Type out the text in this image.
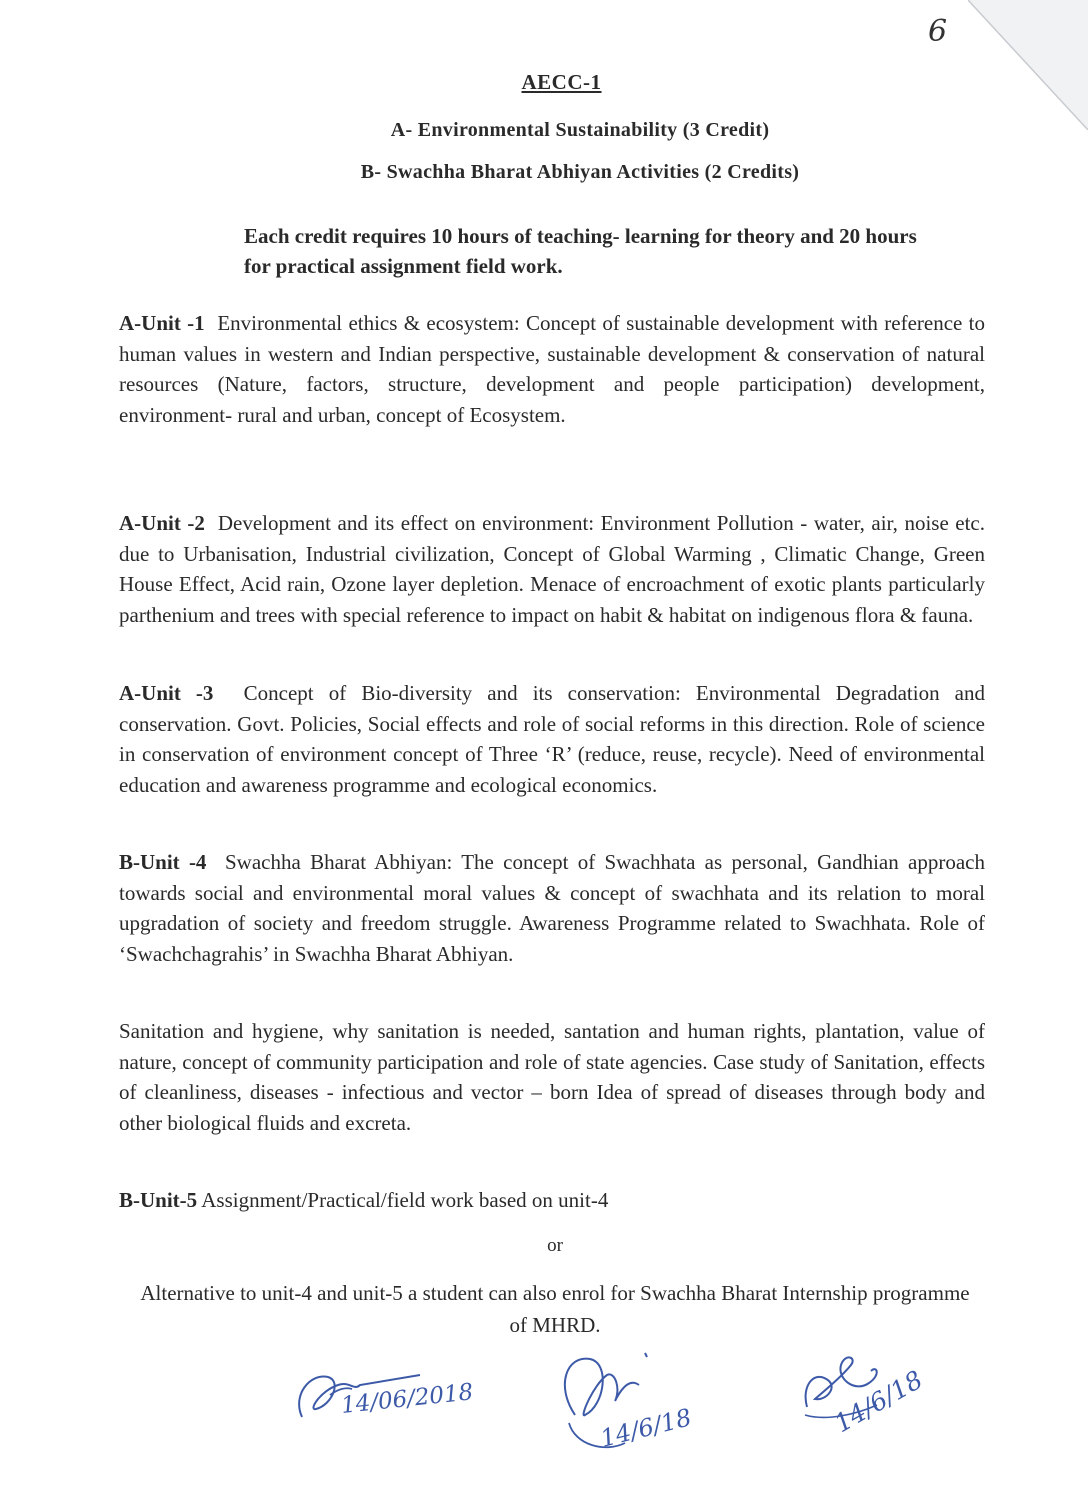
6
AECC-1
A- Environmental Sustainability (3 Credit)
B- Swachha Bharat Abhiyan Activities (2 Credits)
Each credit requires 10 hours of teaching- learning for theory and 20 hours for practical assignment field work.
A-Unit -1 Environmental ethics & ecosystem: Concept of sustainable development with reference to human values in western and Indian perspective, sustainable development & conservation of natural resources (Nature, factors, structure, development and people participation) development, environment- rural and urban, concept of Ecosystem.
A-Unit -2 Development and its effect on environment: Environment Pollution - water, air, noise etc. due to Urbanisation, Industrial civilization, Concept of Global Warming , Climatic Change, Green House Effect, Acid rain, Ozone layer depletion. Menace of encroachment of exotic plants particularly parthenium and trees with special reference to impact on habit & habitat on indigenous flora & fauna.
A-Unit -3 Concept of Bio-diversity and its conservation: Environmental Degradation and conservation. Govt. Policies, Social effects and role of social reforms in this direction. Role of science in conservation of environment concept of Three ‘R’ (reduce, reuse, recycle). Need of environmental education and awareness programme and ecological economics.
B-Unit -4 Swachha Bharat Abhiyan: The concept of Swachhata as personal, Gandhian approach towards social and environmental moral values & concept of swachhata and its relation to moral upgradation of society and freedom struggle. Awareness Programme related to Swachhata. Role of ‘Swachchagrahis’ in Swachha Bharat Abhiyan.
Sanitation and hygiene, why sanitation is needed, santation and human rights, plantation, value of nature, concept of community participation and role of state agencies. Case study of Sanitation, effects of cleanliness, diseases - infectious and vector – born Idea of spread of diseases through body and other biological fluids and excreta.
B-Unit-5 Assignment/Practical/field work based on unit-4
or
Alternative to unit-4 and unit-5 a student can also enrol for Swachha Bharat Internship programme of MHRD.
14/06/2018
14/6/18	14/6/18
